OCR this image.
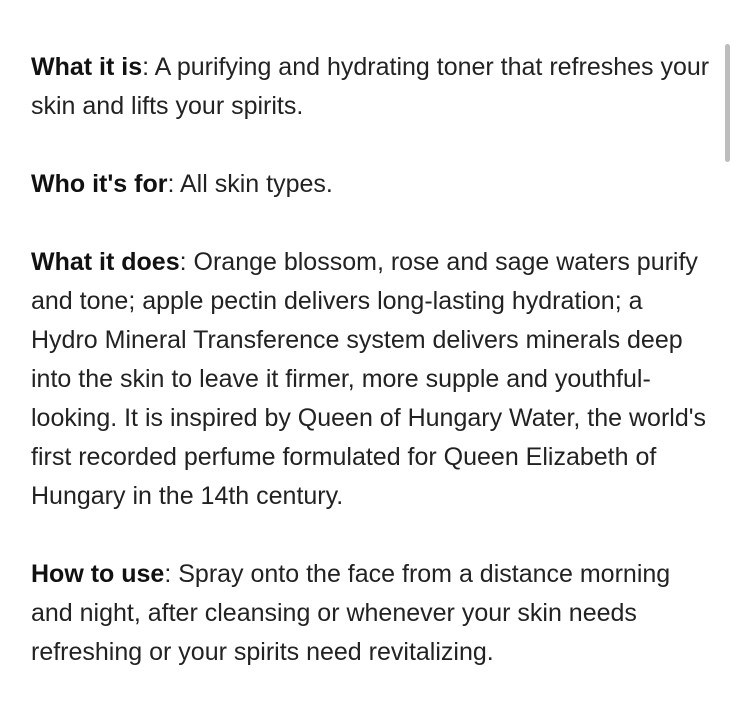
What it is: A purifying and hydrating toner that refreshes your skin and lifts your spirits.

Who it's for: All skin types.

What it does: Orange blossom, rose and sage waters purify and tone; apple pectin delivers long-lasting hydration; a Hydro Mineral Transference system delivers minerals deep into the skin to leave it firmer, more supple and youthful-looking. It is inspired by Queen of Hungary Water, the world's first recorded perfume formulated for Queen Elizabeth of Hungary in the 14th century.

How to use: Spray onto the face from a distance morning and night, after cleansing or whenever your skin needs refreshing or your spirits need revitalizing.
